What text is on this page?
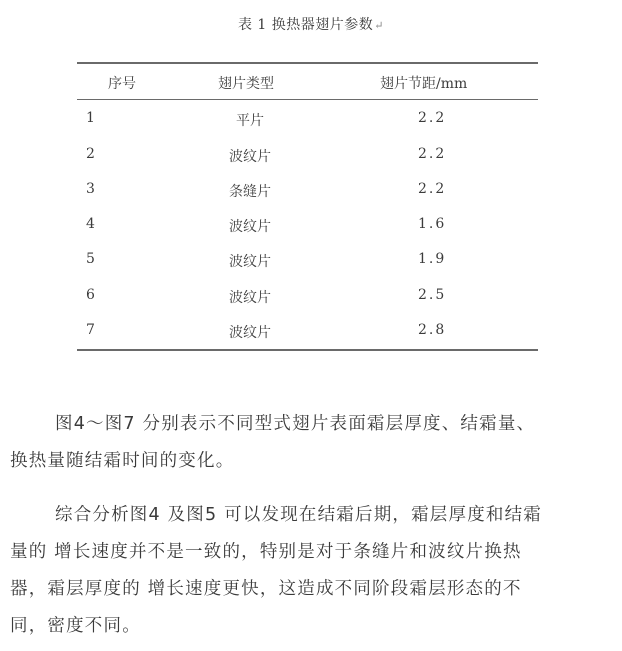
表 1 换热器翅片参数↵
序号	翅片类型	翅片节距/mm
1	平片	2.2
2	波纹片	2.2
3	条缝片	2.2
4	波纹片	1.6
5	波纹片	1.9
6	波纹片	2.5
7	波纹片	2.8

图4～图7 分别表示不同型式翅片表面霜层厚度、结霜量、
换热量随结霜时间的变化。

综合分析图4 及图5 可以发现在结霜后期，霜层厚度和结霜
量的 增长速度并不是一致的，特别是对于条缝片和波纹片换热
器，霜层厚度的 增长速度更快，这造成不同阶段霜层形态的不
同，密度不同。
